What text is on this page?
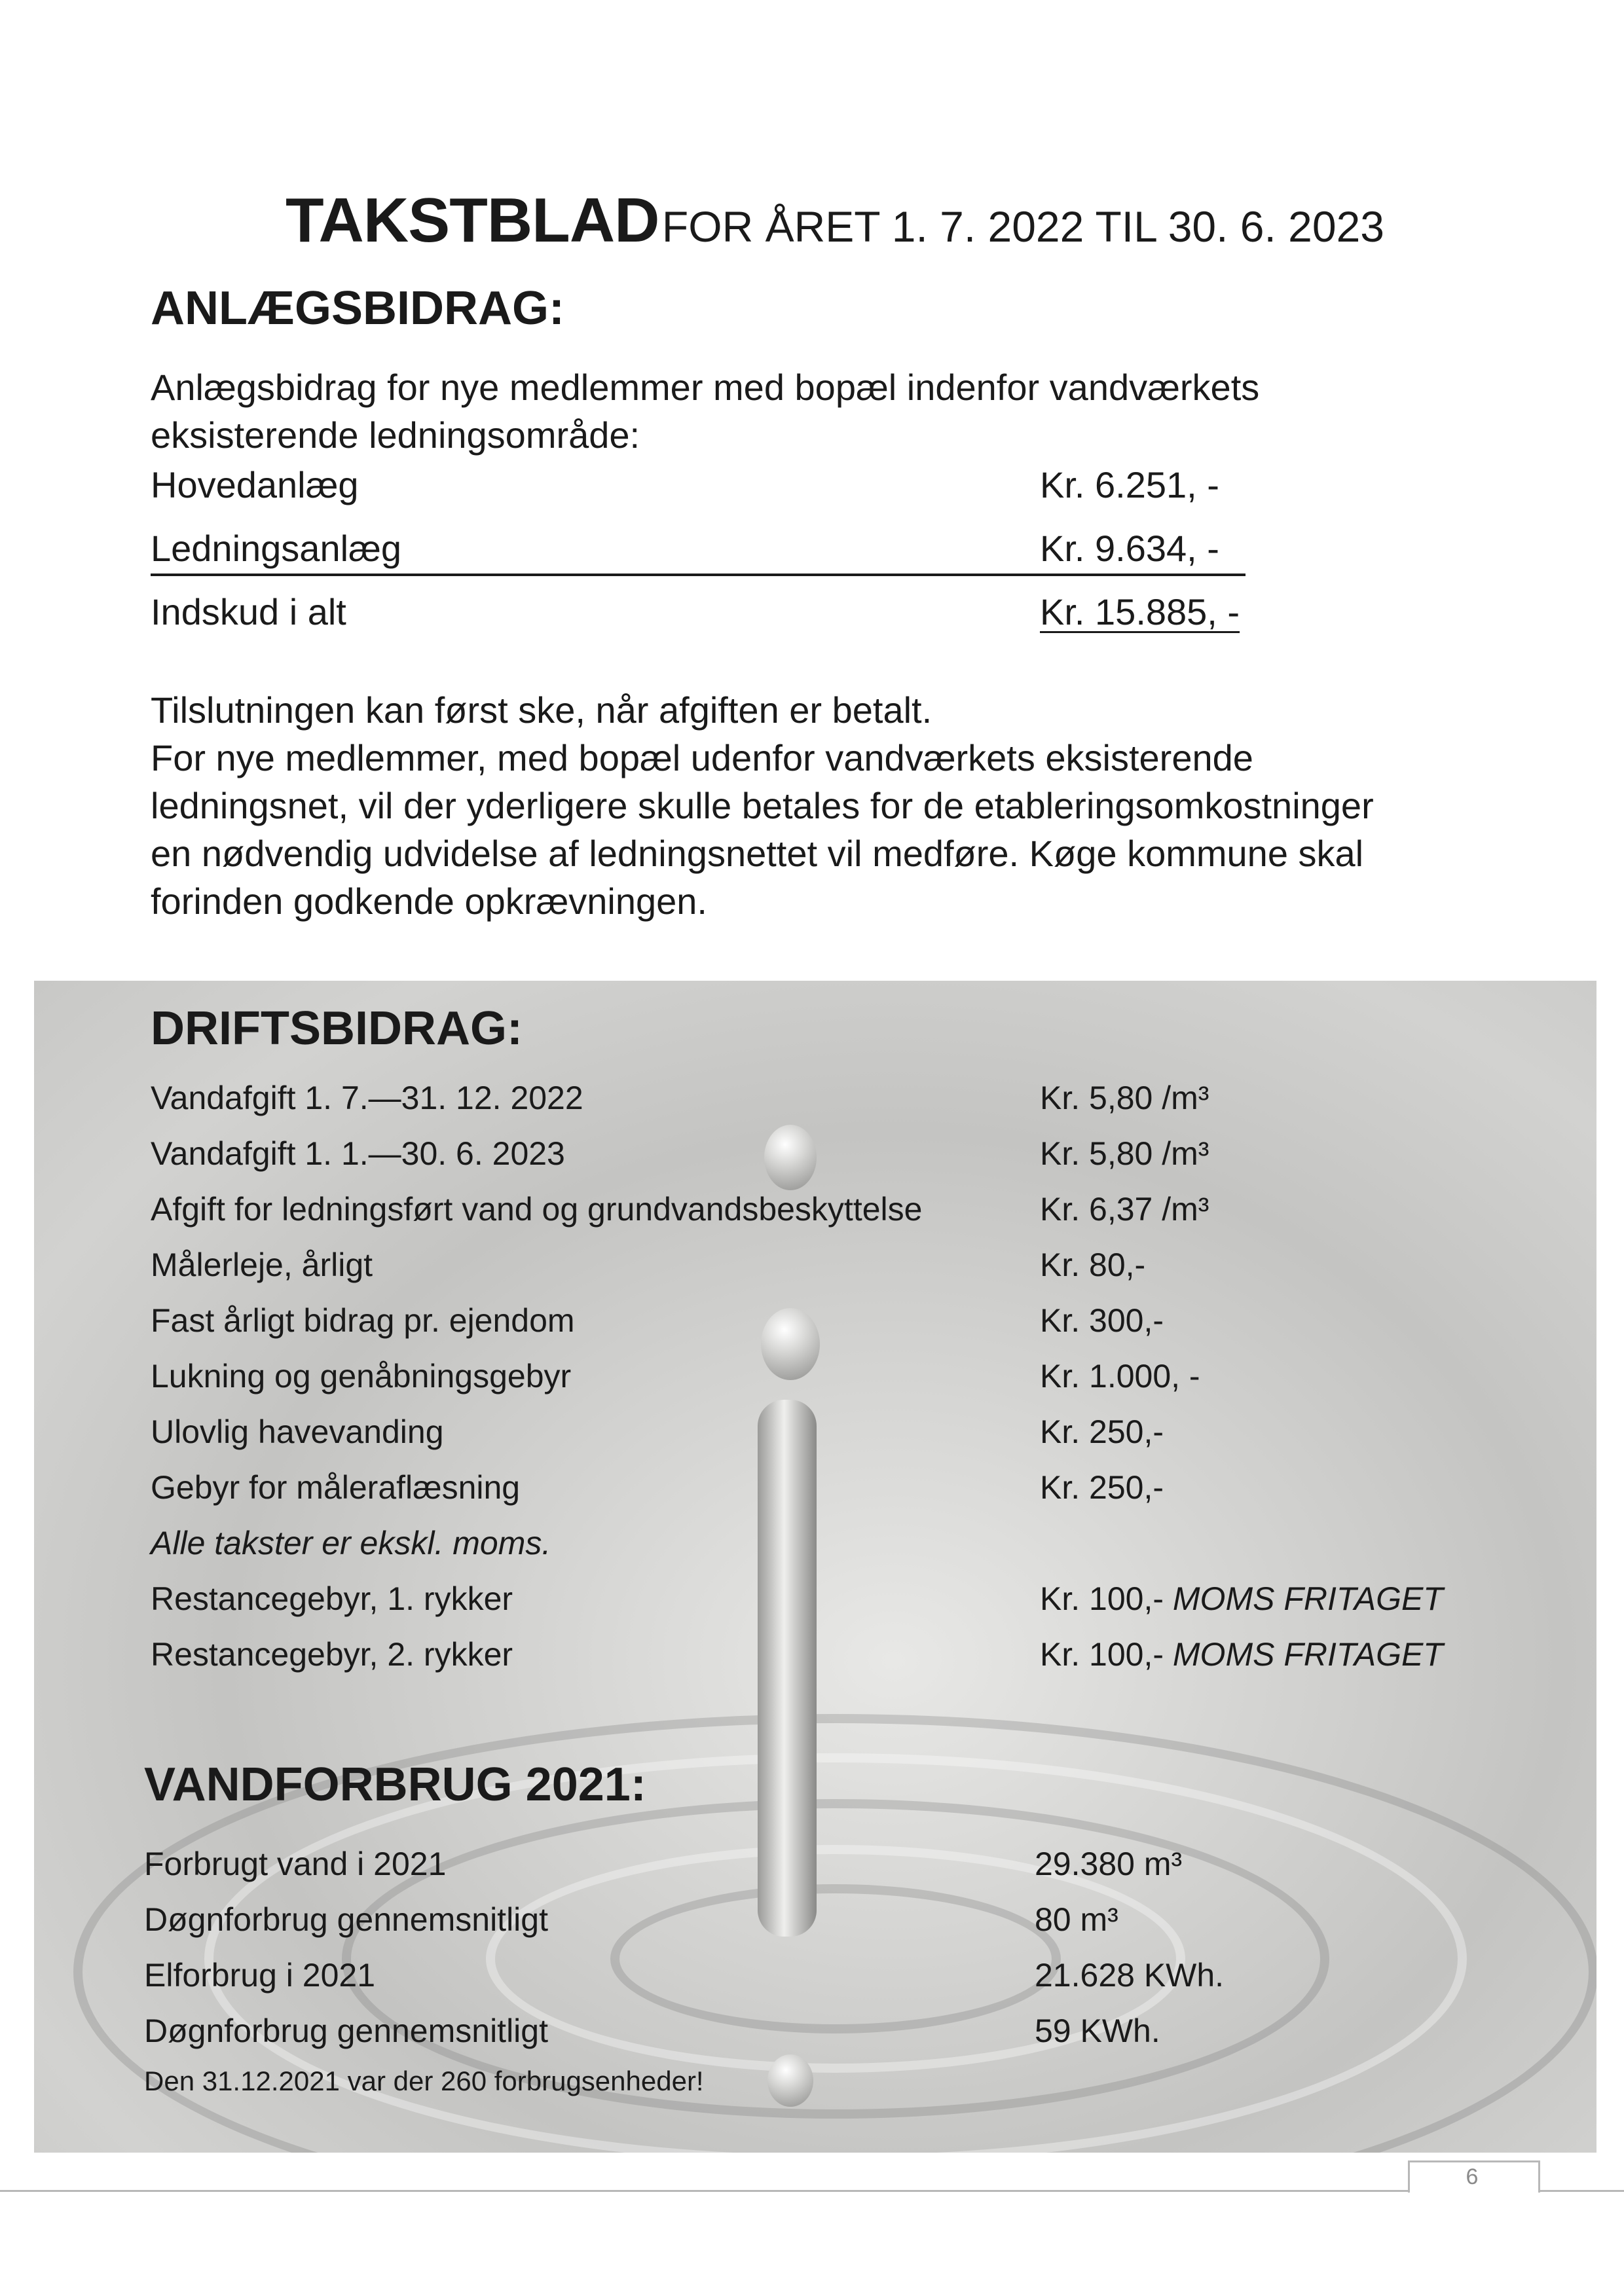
TAKSTBLAD FOR ÅRET 1. 7. 2022 TIL 30. 6. 2023
ANLÆGSBIDRAG:
Anlægsbidrag for nye medlemmer med bopæl indenfor vandværkets
eksisterende ledningsområde:
Hovedanlæg	Kr. 6.251, -
Ledningsanlæg	Kr. 9.634, -
Indskud i alt	Kr. 15.885, -
Tilslutningen kan først ske, når afgiften er betalt.
For nye medlemmer, med bopæl udenfor vandværkets eksisterende
ledningsnet, vil der yderligere skulle betales for de etableringsomkostninger
en nødvendig udvidelse af ledningsnettet vil medføre. Køge kommune skal
forinden godkende opkrævningen.
DRIFTSBIDRAG:
Vandafgift 1. 7.—31. 12. 2022	Kr. 5,80 /m³
Vandafgift 1. 1.—30. 6. 2023	Kr. 5,80 /m³
Afgift for ledningsført vand og grundvandsbeskyttelse	Kr. 6,37 /m³
Målerleje, årligt	Kr. 80,-
Fast årligt bidrag pr. ejendom	Kr. 300,-
Lukning og genåbningsgebyr	Kr. 1.000, -
Ulovlig havevanding	Kr. 250,-
Gebyr for måleraflæsning	Kr. 250,-
Alle takster er ekskl. moms.
Restancegebyr, 1. rykker	Kr. 100,- MOMS FRITAGET
Restancegebyr, 2. rykker	Kr. 100,- MOMS FRITAGET
VANDFORBRUG 2021:
Forbrugt vand i 2021	29.380 m³
Døgnforbrug gennemsnitligt	80 m³
Elforbrug i 2021	21.628 KWh.
Døgnforbrug gennemsnitligt	59 KWh.
Den 31.12.2021 var der 260 forbrugsenheder!
6
